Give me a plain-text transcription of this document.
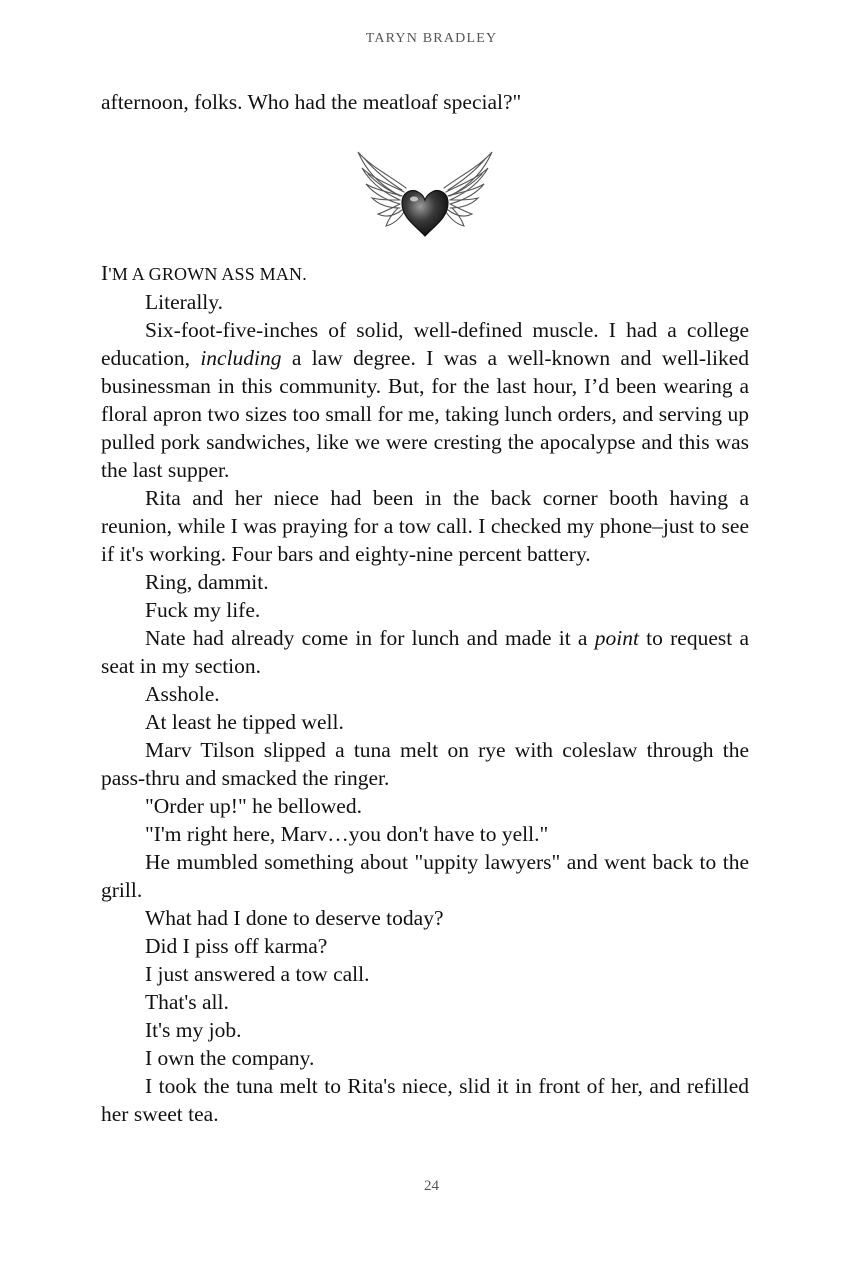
TARYN BRADLEY

afternoon, folks. Who had the meatloaf special?"

I'M A GROWN ASS MAN.

Literally.

Six-foot-five-inches of solid, well-defined muscle. I had a college education, including a law degree. I was a well-known and well-liked businessman in this community. But, for the last hour, I’d been wearing a floral apron two sizes too small for me, taking lunch orders, and serving up pulled pork sandwiches, like we were cresting the apocalypse and this was the last supper.

Rita and her niece had been in the back corner booth having a reunion, while I was praying for a tow call. I checked my phone–just to see if it's working. Four bars and eighty-nine percent battery.

Ring, dammit.

Fuck my life.

Nate had already come in for lunch and made it a point to request a seat in my section.

Asshole.

At least he tipped well.

Marv Tilson slipped a tuna melt on rye with coleslaw through the pass-thru and smacked the ringer.

"Order up!" he bellowed.

"I'm right here, Marv…you don't have to yell."

He mumbled something about "uppity lawyers" and went back to the grill.

What had I done to deserve today?

Did I piss off karma?

I just answered a tow call.

That's all.

It's my job.

I own the company.

I took the tuna melt to Rita's niece, slid it in front of her, and refilled her sweet tea.

24
